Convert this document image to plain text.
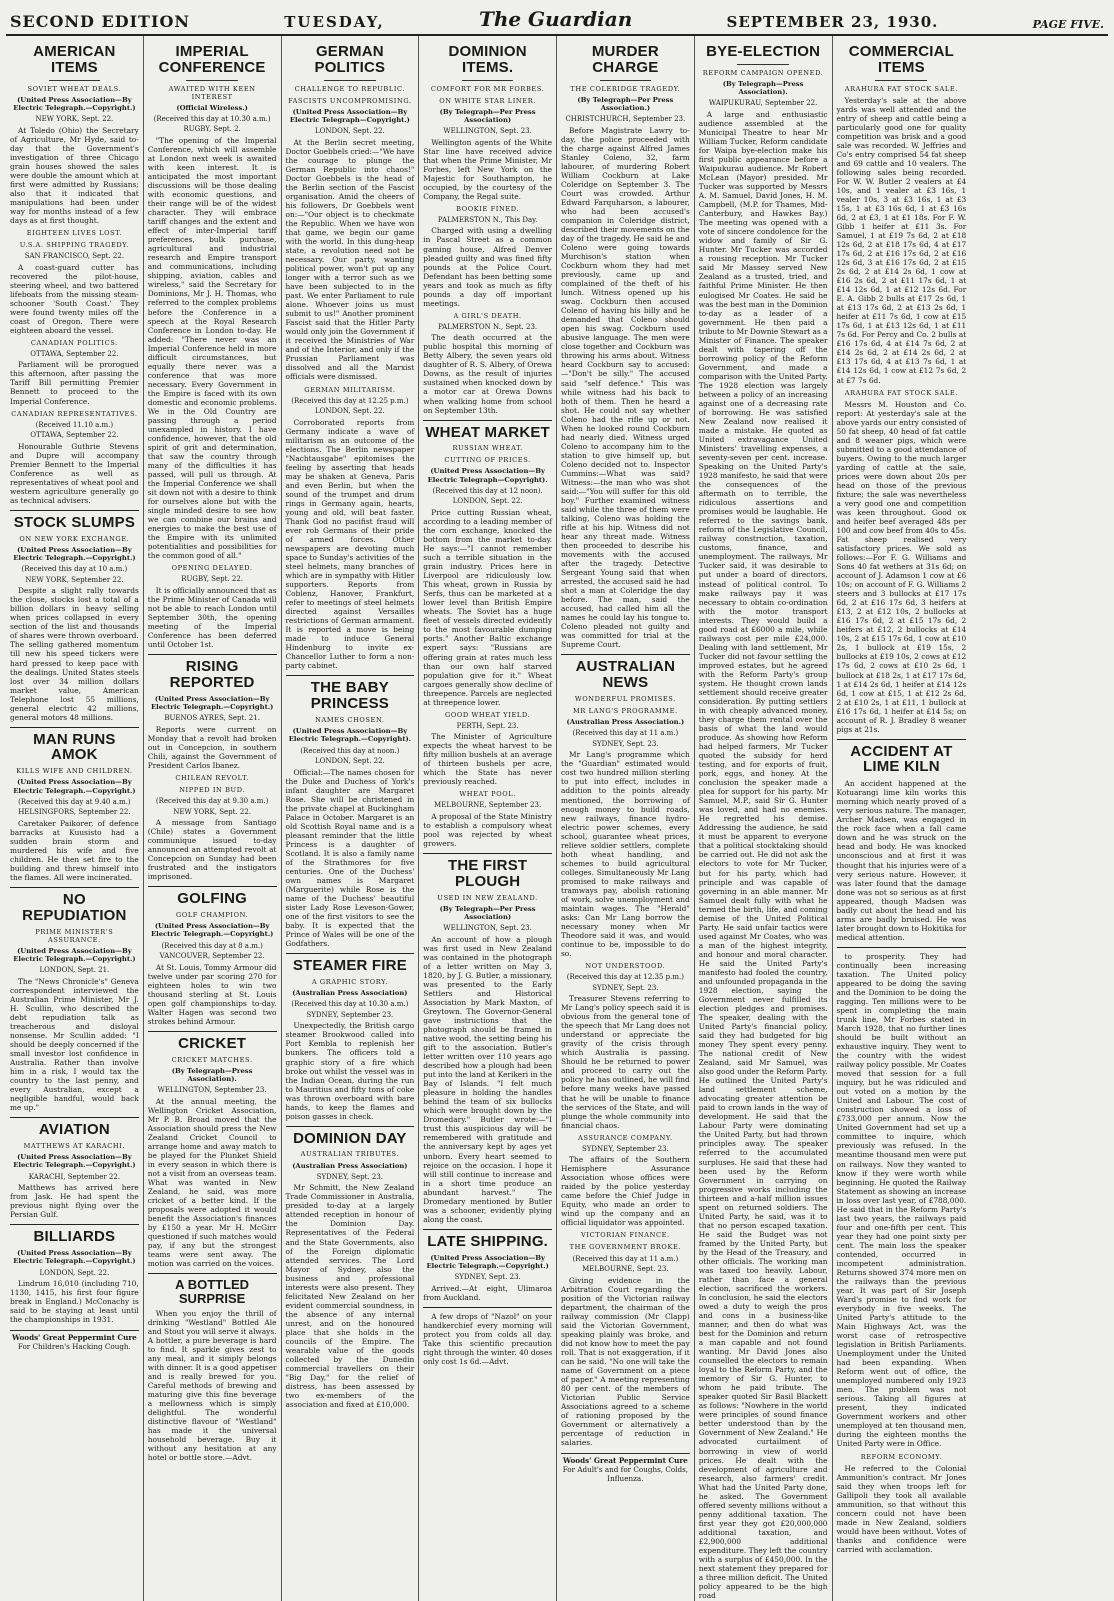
SECOND EDITION	TUESDAY,	The Guardian	SEPTEMBER 23, 1930.	PAGE FIVE.
AMERICAN ITEMS
SOVIET WHEAT DEALS.
(United Press Association—By Electric Telegraph.—Copyright.)
NEW YORK, Sept. 22.

At Toledo (Ohio) the Secretary of Agriculture, Mr Hyde, said to-day that the Government's investigation of three Chicago grain houses showed the sales were double the amount which at first were admitted by Russians; also that it indicated that manipulations had been under way for months instead of a few days as at first thought.

EIGHTEEN LIVES LOST.
U.S.A. SHIPPING TRAGEDY.
SAN FRANCISCO, Sept. 22.

A coast-guard cutter has recovered the pilot-house, steering wheel, and two battered lifeboats from the missing steam-schooner 'South Coast.' They were found twenty miles off the coast of Oregon. There were eighteen aboard the vessel.

CANADIAN POLITICS.
OTTAWA, September 22.

Parliament will be prorogued this afternoon, after passing the Tariff Bill permitting Premier Bennett to proceed to the Imperial Conference.

CANADIAN REPRESENTATIVES.
(Received 11.10 a.m.)
OTTAWA, September 22.

Honourable Guthrie Stevens and Dupre will accompany Premier Bennett to the Imperial Conference as well as representatives of wheat pool and western agriculture generally go as technical advisers.

STOCK SLUMPS
ON NEW YORK EXCHANGE.
(United Press Association—By Electric Telegraph.—Copyright.)
(Received this day at 10 a.m.)
NEW YORK, September 22.

Despite a slight rally towards the close, stocks lost a total of a billion dollars in heavy selling when prices collapsed in every section of the list and thousands of shares were thrown overboard. The selling gathered momentum till new his speed tickers were hard pressed to keep pace with the dealings. United States steels lost over 34 million dollars market value, American Telephone lost 55 millions, general electric 42 millions, general motors 48 millions.

MAN RUNS AMOK
KILLS WIFE AND CHILDREN.
(United Press Association—By Electric Telegraph.—Copyright.)
(Received this day at 9.40 a.m.)
HELSINGFORS, September 22.

Caretaker Paikorer, of defence barracks at Kuusisto had a sudden brain storm and murdered his wife and five children. He then set fire to the building and threw himself into the flames. All were incinerated.

NO REPUDIATION
PRIME MINISTER'S ASSURANCE.
(United Press Association—By Electric Telegraph.—Copyright.)
LONDON, Sept. 21.

The "News Chronicle's" Geneva correspondent interviewed the Australian Prime Minister, Mr J. H. Scullin, who described the debt repudiation talk as treacherous and disloyal nonsense. Mr Scullin added: "I should be deeply concerned if the small investor lost confidence in Australia. Rather than involve him in a risk, I would tax the country to the last penny, and every Australian, except a negligible handful, would back me up."

AVIATION
MATTHEWS AT KARACHI.
(United Press Association—By Electric Telegraph.—Copyright.)
KARACHI, September 22.

Matthews has arrived here from Jask. He had spent the previous night flying over the Persian Gulf.

BILLIARDS
(United Press Association—By Electric Telegraph.—Copyright.)
LONDON, Sept. 22.

Lindrum 16,010 (including 710, 1130, 1415, his first four figure break in England.) McConachy is said to be staying at least until the championships in 1931.

Woods' Great Peppermint Cure
For Children's Hacking Cough.
IMPERIAL CONFERENCE
AWAITED WITH KEEN INTEREST
(Official Wireless.)
(Received this day at 10.30 a.m.)
RUGBY, Sept. 2.

"The opening of the Imperial Conference, which will assemble at London next week is awaited with keen interest. It is anticipated the most important discussions will be those dealing with economic questions, and their range will be of the widest character. They will embrace tariff changes and the extent and effect of inter-Imperial tariff preferences, bulk purchase, agricultural and industrial research and Empire transport and communications, including shipping, aviation, cables and wireless," said the Secretary for Dominions, Mr J. H. Thomas, who referred to the complex problems before the Conference in a speech at the Royal Research Conference in London to-day. He added: "There never was an Imperial Conference held in more difficult circumstances, but equally there never was a conference that was more necessary. Every Government in the Empire is faced with its own domestic and economic problems. We in the Old Country are passing through a period unexampled in history. I have confidence, however, that the old spirit of grit and determination, that saw the country through many of the difficulties it has passed, will pull us through. At the Imperial Conference we shall sit down not with a desire to think for ourselves alone but with the single minded desire to see how we can combine our brains and energies to make the best use of the Empire with its unlimited potentialities and possibilities for the common good of all."

OPENING DELAYED.
RUGBY, Sept. 22.

It is officially announced that as the Prime Minister of Canada will not be able to reach London until September 30th, the opening meeting of the Imperial Conference has been deferred until October 1st.

RISING REPORTED
(United Press Association—By Electric Telegraph.—Copyright.)
BUENOS AYRES, Sept. 21.

Reports were current on Monday that a revolt had broken out in Concepcion, in southern Chili, against the Government of President Carlos Ibanez.

CHILEAN REVOLT.
NIPPED IN BUD.
(Received this day at 9.30 a.m.)
NEW YORK, Sept. 22.

A message from Santiago (Chile) states a Government communique issued to-day announced an attempted revolt at Concepcion on Sunday had been frustrated and the instigators imprisoned.

GOLFING
GOLF CHAMPION.
(United Press Association—By Electric Telegraph.—Copyright.)
(Received this day at 8 a.m.)
VANCOUVER, September 22.

At St. Louis, Tommy Armour did twelve under par scoring 270 for eighteen holes to win two thousand sterling at St. Louis open golf championships to-day. Walter Hagen was second two strokes behind Armour.

CRICKET
CRICKET MATCHES.
(By Telegraph—Press Association).
WELLINGTON, September 23.

At the annual meeting, the Wellington Cricket Association, Mr P. B. Broad moved that the Association should press the New Zealand Cricket Council to arrange home and away match to be played for the Plunket Shield in every season in which there is not a visit from an overseas team. What was wanted in New Zealand, he said, was more cricket of a better kind. If the proposals were adopted it would benefit the Association's finances by £150 a year. Mr H. McGirr questioned if such matches would pay, if any but the strongest teams were sent away. The motion was carried on the voices.

A BOTTLED SURPRISE

When you enjoy the thrill of drinking "Westland" Bottled Ale and Stout you will serve it always. A bottler, a pure beverage is hard to find. It sparkle gives zest to any meal, and it simply belongs with dinner. It is a good appetiser and is really brewed for you. Careful methods of brewing and maturing give this fine beverage a mellowness which is simply delightful. The wonderful distinctive flavour of "Westland" has made it the universal household beverage. Buy it without any hesitation at any hotel or bottle store.—Advt.

GERMAN POLITICS
CHALLENGE TO REPUBLIC.
FASCISTS UNCOMPROMISING.
(United Press Association—By Electric Telegraph—Copyright.)
LONDON, Sept. 22.

At the Berlin secret meeting, Doctor Goebbels cried:—"We have the courage to plunge the German Republic into chaos!" Doctor Goebbels is the head of the Berlin section of the Fascist organisation. Amid the cheers of his followers, Dr Goebbels went on:—"Our object is to checkmate the Republic. When we have won that game, we begin our game with the world. In this dung-heap state, a revolution need not be necessary. Our party, wanting political power, won't put up any longer with a terror such as we have been subjected to in the past. We enter Parliament to rule alone. Whoever joins us must submit to us!" Another prominent Fascist said that the Hitler Party would only join the Government if it received the Ministries of War and of the Interior, and only if the Prussian Parliament was dissolved and all the Marxist officials were dismissed.

GERMAN MILITARISM.
(Received this day at 12.25 p.m.)
LONDON, Sept. 22.

Corroborated reports from Germany indicate a wave of militarism as an outcome of the elections. The Berlin newspaper "Nachtausgabe" epitomises the feeling by asserting that heads may be shaken at Geneva, Paris and even Berlin, but when the sound of the trumpet and drum rings in Germany again, hearts, young and old, will beat faster. Thank God no pacifist fraud will ever rob Germans of their pride of armed forces. Other newspapers are devoting much space to Sunday's activities of the steel helmets, many branches of which are in sympathy with Hitler supporters. Reports from Coblenz, Hanover, Frankfurt, refer to meetings of steel helmets directed against Versailles restrictions of German armament. It is reported a move is being made to induce General Hindenburg to invite ex-Chancellor Luther to form a non-party cabinet.

THE BABY PRINCESS
NAMES CHOSEN.
(United Press Association—By Electric Telegraph.—Copyright).
(Received this day at noon.)
LONDON, Sept. 22.

Official:—The names chosen for the Duke and Duchess of York's infant daughter are Margaret Rose. She will be christened in the private chapel at Buckingham Palace in October. Margaret is an old Scottish Royal name and is a pleasant reminder that the little Princess is a daughter of Scotland. It is also a family name of the Strathmores for five centuries. One of the Duchess' own names is Margaret (Marguerite) while Rose is the name of the Duchess' beautiful sister Lady Rose Leveson-Gower, one of the first visitors to see the baby. It is expected that the Prince of Wales will be one of the Godfathers.

STEAMER FIRE
A GRAPHIC STORY.
(Australian Press Association)
(Received this day at 10.30 a.m.)
SYDNEY, September 23.

Unexpectedly, the British cargo steamer Brookwood called into Port Kembla to replenish her bunkers. The officers told a graphic story of a fire which broke out whilst the vessel was in the Indian Ocean, during the run to Mauritius and fifty tons of coke was thrown overboard with bare hands, to keep the flames and poison gasses in check.

DOMINION DAY
AUSTRALIAN TRIBUTES.
(Australian Press Association)
SYDNEY, Sept. 23.

Mr Schmitt, the New Zealand Trade Commissioner in Australia, presided to-day at a largely attended reception in honour of the Dominion Day. Representatives of the Federal and the State Governments, also of the Foreign diplomatic attended services. The Lord Mayor of Sydney, also the business and professional interests were also present. They felicitated New Zealand on her evident commercial soundness, in the absence of any internal unrest, and on the honoured place that she holds in the councils of the Empire. The wearable value of the goods collected by the Dunedin commercial travellers on their "Big Day," for the relief of distress, has been assessed by two ex-members of the association and fixed at £10,000.

DOMINION ITEMS.
COMFORT FOR MR FORBES.
ON WHITE STAR LINER.
(By Telegraph—Per Press Association)
WELLINGTON, Sept. 23.

Wellington agents of the White Star line have received advice that when the Prime Minister, Mr Forbes, left New York on the Majestic for Southampton, he occupied, by the courtesy of the Company, the Regal suite.

BOOKIE FINED.
PALMERSTON N., This Day.

Charged with using a dwelling in Pascal Street as a common gaming house, Alfred Denver pleaded guilty and was fined fifty pounds at the Police Court. Defendant has been betting some years and took as much as fifty pounds a day off important meetings.

A GIRL'S DEATH.
PALMERSTON N., Sept. 23.

The death occurred at the public hospital this morning of Betty Albery, the seven years old daughter of R. S. Albery, of Orewa Downs, as the result of injuries sustained when knocked down by a motor car at Orewa Downs when walking home from school on September 13th.

WHEAT MARKET
RUSSIAN WHEAT.
CUTTING OF PRICES.
(United Press Association—By Electric Telegraph—Copyright).
(Received this day at 12 noon).
LONDON, Sept. 22.

Price cutting Russian wheat, according to a leading member of the corn exchange, knocked the bottom from the market to-day. He says:—"I cannot remember such a terrible situation in the grain industry. Prices here in Liverpool are ridiculously low. This wheat, grown in Russia by Serfs, thus can be marketed at a lower level than British Empire wheats. The Soviet has a huge fleet of vessels directed evidently to the most favourable dumping ports." Another Baltic exchange expert says: "Russians are offering grain at rates much less than our own half starved population give for it." Wheat cargoes generally show decline of threepence. Parcels are neglected at threepence lower.

GOOD WHEAT YIELD.
PERTH, Sept. 23.

The Minister of Agriculture expects the wheat harvest to be fifty million bushels at an average of thirteen bushels per acre, which the State has never previously reached.

WHEAT POOL.
MELBOURNE, September 23.

A proposal of the State Ministry to establish a compulsory wheat pool was rejected by wheat growers.

THE FIRST PLOUGH
USED IN NEW ZEALAND.
(By Telegraph—Per Press Association)
WELLINGTON, Sept. 23.

An account of how a plough was first used in New Zealand was contained in the photograph of a letter written on May 3, 1820, by J. G. Butler, a missionary, was presented to the Early Settlers and Historical Association by Mark Maxton, of Greytown. The Governor-General gave instructions that the photograph should be framed in native wood, the setting being his gift to the association. Butler's letter written over 110 years ago described how a plough had been put into the land at Kerikeri in the Bay of Islands. "I felt much pleasure in holding the handles behind the team of six bullocks which were brought down by the Dromedary." Butler wrote:—"I trust this auspicious day will be remembered with gratitude and the anniversary kept by ages yet unborn. Every heart seemed to rejoice on the occasion. I hope it will still continue to increase and in a short time produce an abundant harvest." The Dromedary mentioned by Butler was a schooner, evidently plying along the coast.

LATE SHIPPING.
(United Press Association—By Electric Telegraph.—Copyright.)
SYDNEY, Sept. 23.

Arrived.—At eight, Ulimaroa from Auckland.

A few drops of "Nazol" on your handkerchief every morning will protect you from colds all day. Take this scientific precaution right through the winter. 40 doses only cost 1s 6d.—Advt.

MURDER CHARGE
THE COLERIDGE TRAGEDY.
(By Telegraph—Per Press Association.)
CHRISTCHURCH, September 23.

Before Magistrate Lawry to-day, the police proceeded with the charge against Alfred James Stanley Coleno, 32, farm labourer, of murdering Robert William Cockburn at Lake Coleridge on September 3. The Court was crowded. Arthur Edward Farquharson, a labourer, who had been accused's companion in Coleridge district, described their movements on the day of the tragedy. He said he and Coleno were going towards Murchison's station when Cockburn whom they had met previously, came up and complained of the theft of his lunch. Witness opened up his swag. Cockburn then accused Coleno of having his billy and he demanded that Coleno should open his swag. Cockburn used abusive language. The men were close together and Cockburn was throwing his arms about. Witness heard Cockburn say to accused:—"Don't be silly." The accused said "self defence." This was while witness had his back to both of them. Then he heard a shot. He could not say whether Coleno had the rifle up or not. When he looked round Cockburn had nearly died. Witness urged Coleno to accompany him to the station to give himself up, but Coleno decided not to. Inspector Cummins:—What was said? Witness:—the man who was shot said:—"You will suffer for this old boy." Further examined witness said while the three of them were talking, Coleno was holding the rifle at his hip. Witness did not hear any threat made. Witness then proceeded to describe his movements with the accused after the tragedy. Detective Sergeant Young said that when arrested, the accused said he had shot a man at Coleridge the day before. The man, said the accused, had called him all the names he could lay his tongue to. Coleno pleaded not guilty and was committed for trial at the Supreme Court.

AUSTRALIAN NEWS
WONDERFUL PROMISES.
MR LANG'S PROGRAMME.
(Australian Press Association.)
(Received this day at 11 a.m.)
SYDNEY, Sept. 23.

Mr Lang's programme which the "Guardian" estimated would cost two hundred million sterling to put into effect, includes in addition to the points already mentioned, the borrowing of enough money to build roads, new railways, finance hydro-electric power schemes, every school, guarantee wheat prices, relieve soldier settlers, complete both wheat handling, and schemes to build agricultural colleges. Simultaneously Mr Lang promised to make railways and tramways pay, abolish rationing of work, solve unemployment and maintain wages. The "Herald" asks: Can Mr Lang borrow the necessary money when Mr Theodore said it was, and would continue to be, impossible to do so.

NOT UNDERSTOOD.
(Received this day at 12.35 p.m.)
SYDNEY, Sept. 23.

Treasurer Stevens referring to Mr Lang's policy speech said it is obvious from the general tone of the speech that Mr Lang does not understand or appreciate the gravity of the crisis through which Australia is passing. Should he be returned to power and proceed to carry out the policy he has outlined, he will find before many weeks have passed that he will be unable to finance the services of the State, and will plunge the whole community into financial chaos.

ASSURANCE COMPANY.
SYDNEY, September 23.

The affairs of the Southern Hemisphere Assurance Association whose offices were raided by the police yesterday came before the Chief Judge in Equity, who made an order to wind up the company and an official liquidator was appointed.

VICTORIAN FINANCE.
THE GOVERNMENT BROKE.
(Received this day at 11 a.m.)
MELBOURNE, Sept. 23.

Giving evidence in the Arbitration Court regarding the position of the Victorian railway department, the chairman of the railway commission (Mr Clapp) said the Victorian Government, speaking plainly was broke, and did not know how to meet the pay roll. That is not exaggeration, if it can be said. "No one will take the name of Government on a piece of paper." A meeting representing 80 per cent. of the members of Victorian Public Service Associations agreed to a scheme of rationing proposed by the Government or alternatively a percentage of reduction in salaries.

Woods' Great Peppermint Cure
For Adult's and for Coughs, Colds, Influenza.
BYE-ELECTION
REFORM CAMPAIGN OPENED.
(By Telegraph—Press Association).
WAIPUKURAU, September 22.

A large and enthusiastic audience assembled at the Municipal Theatre to hear Mr William Tucker, Reform candidate for Waipa bye-election make his first public appearance before a Waipukurau audience. Mr Robert McLean (Mayor) presided. Mr Tucker was supported by Messrs A. M. Samuel, David Jones, H. M. Campbell, (M.P. for Thames, Mid-Canterbury, and Hawkes Bay.) The meeting was opened with a vote of sincere condolence for the widow and family of Sir G. Hunter. Mr Tucker was accorded a rousing reception. Mr Tucker said Mr Massey served New Zealand as a trusted, tried, and faithful Prime Minister. He then eulogised Mr Coates. He said he was the best man in the Dominion to-day as a leader of a government. He then paid a tribute to Mr Downie Stewart as a Minister of Finance. The speaker dealt with tapering off the borrowing policy of the Reform Government, and made a comparison with the United Party. The 1928 election was largely between a policy of an increasing against one of a decreasing rate of borrowing. He was satisfied New Zealand now realised it made a mistake. He quoted as United extravagance United Ministers' travelling expenses, a seventy-seven per cent. increase. Speaking on the United Party's 1928 manifesto, he said that were the consequences of the aftermath on to terrible, the ridiculous assertions and promises would be laughable. He referred to the savings bank, reform of the Legislative Council, railway construction, taxation, customs, finance, and unemployment. The railways, Mr Tucker said, it was desirable to put under a board of directors, instead of political control. To make railways pay it was necessary to obtain co-ordination with the motor transport interests. They would build a good road at £6000 a mile, while railways cost per mile £24,000. Dealing with land settlement, Mr Tucker did not favour settling the improved estates, but he agreed with the Reform Party's group system. He thought crown lands settlement should receive greater consideration. By putting settlers in with cheaply advanced money, they charge them rental over the basis of what the land would produce. As showing how Reform had helped farmers, Mr Tucker quoted the subsidy for herd testing, and for exports of fruit, pork, eggs, and honey. At the conclusion the speaker made a plea for support for his party. Mr Samuel, M.P., said Sir G. Hunter was loved, and had no enemies. He regretted his demise. Addressing the audience, he said it must be apparent to everyone that a political stocktaking should be carried out. He did not ask the electors to vote for Mr Tucker, but for his party, which had principle and was capable of governing in an able manner. Mr Samuel dealt fully with what he termed the birth, life, and coming demise of the United Political Party. He said unfair tactics were used against Mr Coates, who was a man of the highest integrity, and honour and moral character. He said the United Party's manifesto had fooled the country, and unfounded propaganda in the 1928 election, saying the Government never fulfilled its election pledges and promises. The speaker, dealing with the United Party's financial policy, said they had budgeted for big money They spent every penny. The national credit of New Zealand, said Mr Samuel, was also good under the Reform Party. He outlined the United Party's land settlement scheme, advocating greater attention be paid to crown lands in the way of development. He said that the Labour Party were dominating the United Party, but had thrown principles away. The speaker referred to the accumulated surpluses. He said that these had been used by the Reform Government in carrying on progressive works including the thirteen and a-half million issues spent on returned soldiers. The United Party, he said, was it to that no person escaped taxation. He said the Budget was not framed by the United Party, but by the Head of the Treasury, and other officials. The working man was taxed too heavily. Labour, rather than face a general election, sacrificed the workers. In conclusion, he said the electors owed a duty to weigh the pros and cons in a business-like manner, and then do what was best for the Dominion and return a man capable and not found wanting. Mr David Jones also counselled the electors to remain loyal to the Reform Party, and the memory of Sir G. Hunter, to whom he paid tribute. The speaker quoted Sir Basil Blackett as follows: "Nowhere in the world were principles of sound finance better understood than by the Government of New Zealand." He advocated curtailment of borrowing in view of world prices. He dealt with the development of agriculture and research, also farmers' credit. What had the United Party done, he asked. The Government offered seventy millions without a penny additional taxation. The first year they got £20,000,000 additional taxation, and £2,900,000 additional expenditure. They left the country with a surplus of £450,000. In the next statement they prepared for a three million deficit. The United policy appeared to be the high road

COMMERCIAL ITEMS
ARAHURA FAT STOCK SALE.

Yesterday's sale at the above yards was well attended and the entry of sheep and cattle being a particularly good one for quality competition was brisk and a good sale was recorded. W. Jeffries and Co's entry comprised 54 fat sheep and 69 cattle and 10 vealers. The following sales being recorded. For W. W. Butler 2 vealers at £4 10s, and 1 vealer at £3 16s, 1 vealer 10s, 3 at £3 16s, 1 at £3 15s, 1 at £3 16s 6d, 1 at £3 16s 6d, 2 at £3, 1 at £1 18s. For F. W. Gibb 1 heifer at £11 3s. For Samuel, 1 at £19 7s 6d, 2 at £18 12s 6d, 2 at £18 17s 6d, 4 at £17 17s 6d, 2 at £16 17s 6d, 2 at £16 12s 6d, 3 at £16 17s 6d, 2 at £15 2s 6d, 2 at £14 2s 6d, 1 cow at £16 2s 6d, 2 at £11 17s 6d, 1 at £14 12s 6d, 1 at £12 12s 6d. For E. A. Gibb 2 bulls at £17 2s 6d, 1 at £13 17s 6d, 2 at £13 2s 6d, 1 heifer at £11 7s 6d, 1 cow at £15 17s 6d, 1 at £13 12s 6d, 1 at £11 7s 6d. For Percy and Co. 2 bulls at £16 17s 6d, 4 at £14 7s 6d, 2 at £14 2s 6d, 2 at £14 2s 6d, 2 at £13 17s 6d, 4 at £13 7s 6d, 1 at £14 12s 6d, 1 cow at £12 7s 6d, 2 at £7 7s 6d.

ARAHURA FAT STOCK SALE.

Messrs M. Houston and Co. report: At yesterday's sale at the above yards our entry consisted of 50 fat sheep, 40 head of fat cattle and 8 weaner pigs, which were submitted to a good attendance of buyers. Owing to the much larger yarding of cattle at the sale, prices were down about 20s per head on those of the previous fixture; the sale was nevertheless a very good one and competition was keen throughout. Good ox and heifer beef averaged 48s per 100 and cow beef from 40s to 45s. Fat sheep realised very satisfactory prices. We sold as follows:—For F. G. Williams and Sons 40 fat wethers at 31s 6d; on account of J. Adamson 1 cow at £6 10s; on account of F. G. Williams 2 steers and 3 bullocks at £17 17s 6d, 2 at £16 17s 6d, 3 heifers at £13, 2 at £12 10s, 2 bullocks at £16 17s 6d, 2 at £15 17s 6d, 2 heifers at £12, 2 bullocks at £14 10s, 2 at £15 17s 6d, 1 cow at £10 2s, 1 bullock at £19 15s, 2 bullocks at £19 10s, 2 cows at £12 17s 6d, 2 cows at £10 2s 6d, 1 bullock at £18 2s, 1 at £17 17s 6d, 1 at £14 2s 6d, 1 heifer at £14 12s 6d, 1 cow at £15, 1 at £12 2s 6d, 2 at £10 2s, 1 at £11, 1 bullock at £16 17s 6d, 1 heifer at £14 5s; on account of R. J. Bradley 8 weaner pigs at 21s.

ACCIDENT AT LIME KILN

An accident happened at the Kotuarangi lime kiln works this morning which nearly proved of a very serious nature. The manager, Archer Madsen, was engaged in the rock face when a fall came down and he was struck on the head and body. He was knocked unconscious and at first it was thought that his injuries were of a very serious nature. However, it was later found that the damage done was not so serious as at first appeared, though Madsen was badly cut about the head and his arms are badly bruised. He was later brought down to Hokitika for medical attention.

to prosperity. They had continually been increasing taxation. The United policy appeared to be doing the saving and the Dominion to be doing the ragging. Ten millions were to be spent in completing the main trunk line, Mr Forbes stated in March 1928, that no further lines should be built without an exhaustive inquiry. They went to the country with the widest railway policy possible. Mr Coates moved that session for a full inquiry, but he was ridiculed and out voted on a motion by the United and Labour. The cost of construction showed a loss of £733,000 per annum. Now the United Government had set up a committee to inquire, which previously was refused. In the meantime thousand men were put on railways. Now they wanted to know if they were worth while beginning. He quoted the Railway Statement as showing an increase in loss over last year, of £788,000. He said that in the Reform Party's last two years, the railways paid four and one-fifth per cent. This year they had one point sixty per cent. The main loss the speaker contended, occurred in incompetent administration. Returns showed 374 more men on the railways than the previous year. It was part of Sir Joseph Ward's promise to find work for everybody in five weeks. The United Party's attitude to the Main Highways Act, was the worst case of retrospective legislation in British Parliaments. Unemployment under the United had been expanding. When Reform went out of office, the unemployed numbered only 1923 men. The problem was not serious. Taking all figures at present, they indicated Government workers and other unemployed at ten thousand men, during the eighteen months the United Party were in Office.

REFORM ECONOMY.

He referred to the Colonial Ammunition's contract. Mr Jones said they when troops left for Gallipoli they took all available ammunition, so that without this concern could not have been made in New Zealand, soldiers would have been without. Votes of thanks and confidence were carried with acclamation.
